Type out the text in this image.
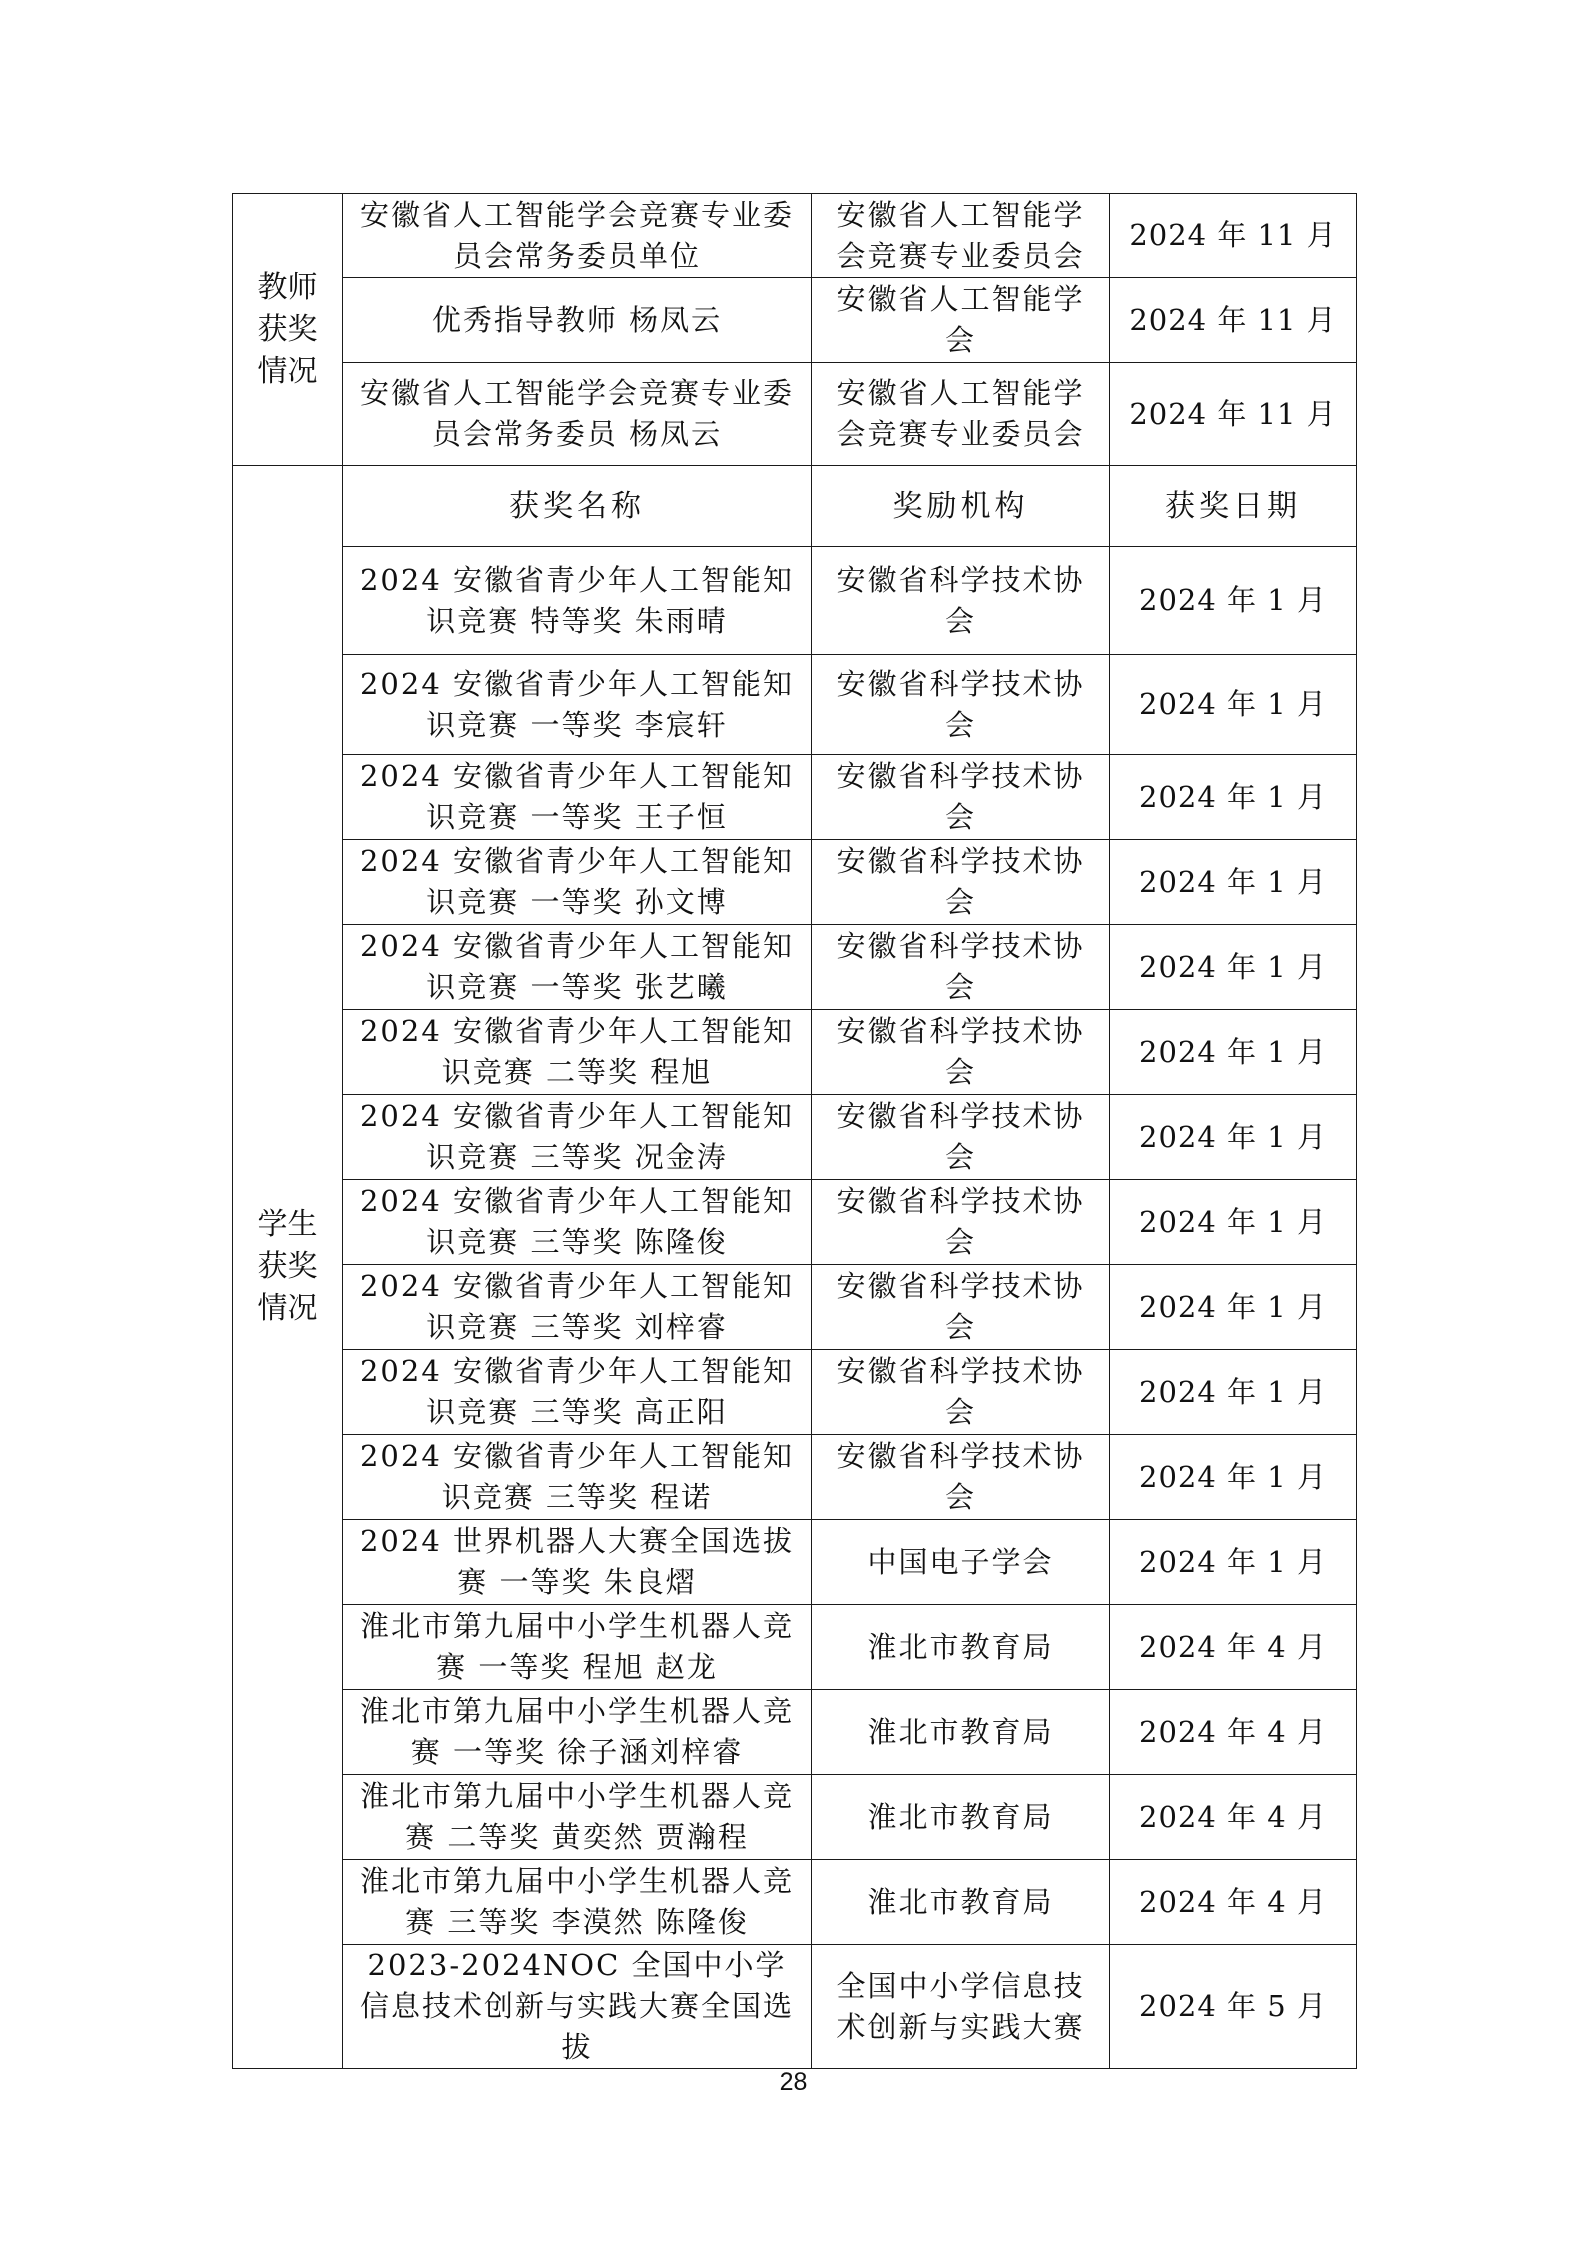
教师
获奖
情况	安徽省人工智能学会竞赛专业委员会常务委员单位	安徽省人工智能学会竞赛专业委员会	2024 年 11 月
	优秀指导教师 杨凤云	安徽省人工智能学会	2024 年 11 月
	安徽省人工智能学会竞赛专业委员会常务委员 杨凤云	安徽省人工智能学会竞赛专业委员会	2024 年 11 月

学生
获奖
情况	获奖名称	奖励机构	获奖日期
	2024 安徽省青少年人工智能知识竞赛 特等奖 朱雨晴	安徽省科学技术协会	2024 年 1 月
	2024 安徽省青少年人工智能知识竞赛 一等奖 李宸轩	安徽省科学技术协会	2024 年 1 月
	2024 安徽省青少年人工智能知识竞赛 一等奖 王子恒	安徽省科学技术协会	2024 年 1 月
	2024 安徽省青少年人工智能知识竞赛 一等奖 孙文博	安徽省科学技术协会	2024 年 1 月
	2024 安徽省青少年人工智能知识竞赛 一等奖 张艺曦	安徽省科学技术协会	2024 年 1 月
	2024 安徽省青少年人工智能知识竞赛 二等奖 程旭	安徽省科学技术协会	2024 年 1 月
	2024 安徽省青少年人工智能知识竞赛 三等奖 况金涛	安徽省科学技术协会	2024 年 1 月
	2024 安徽省青少年人工智能知识竞赛 三等奖 陈隆俊	安徽省科学技术协会	2024 年 1 月
	2024 安徽省青少年人工智能知识竞赛 三等奖 刘梓睿	安徽省科学技术协会	2024 年 1 月
	2024 安徽省青少年人工智能知识竞赛 三等奖 高正阳	安徽省科学技术协会	2024 年 1 月
	2024 安徽省青少年人工智能知识竞赛 三等奖 程诺	安徽省科学技术协会	2024 年 1 月
	2024 世界机器人大赛全国选拔赛 一等奖 朱良熠	中国电子学会	2024 年 1 月
	淮北市第九届中小学生机器人竞赛 一等奖 程旭 赵龙	淮北市教育局	2024 年 4 月
	淮北市第九届中小学生机器人竞赛 一等奖 徐子涵刘梓睿	淮北市教育局	2024 年 4 月
	淮北市第九届中小学生机器人竞赛 二等奖 黄奕然 贾瀚程	淮北市教育局	2024 年 4 月
	淮北市第九届中小学生机器人竞赛 三等奖 李漠然 陈隆俊	淮北市教育局	2024 年 4 月
	2023-2024NOC 全国中小学信息技术创新与实践大赛全国选拔	全国中小学信息技术创新与实践大赛	2024 年 5 月
28
